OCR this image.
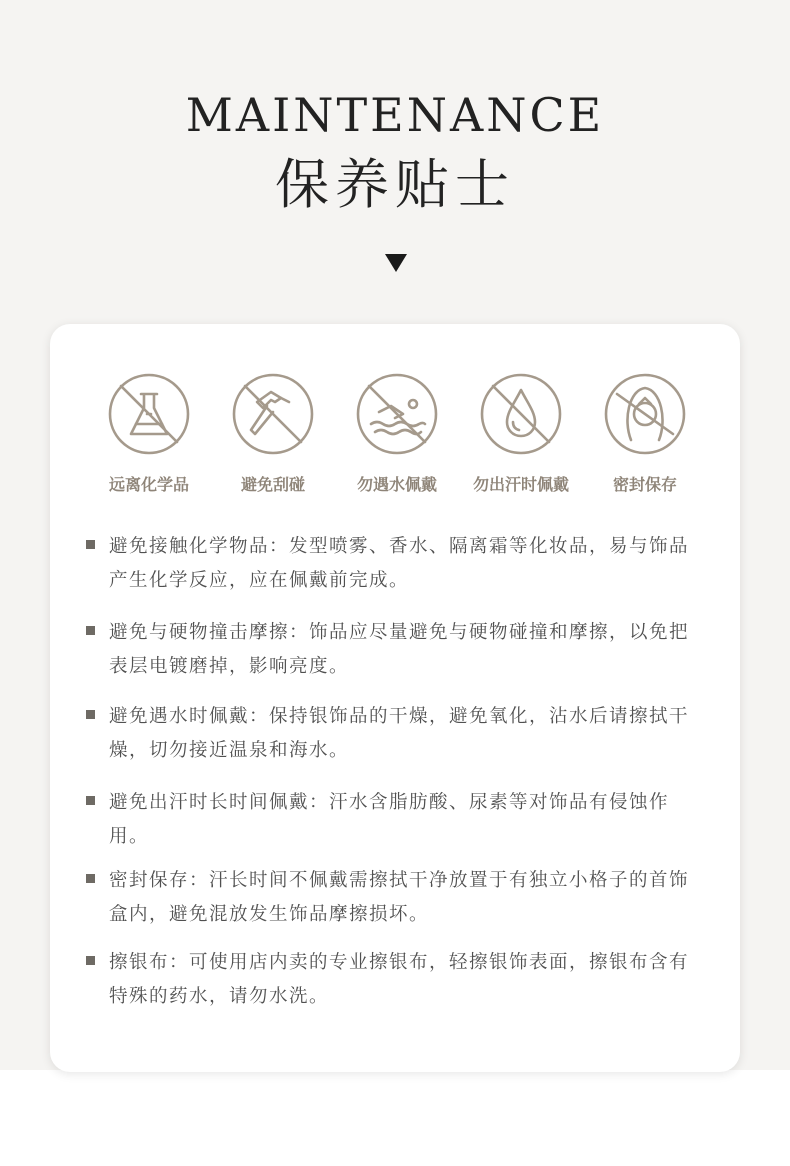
MAINTENANCE
保养贴士
远离化学品	避免刮碰	勿遇水佩戴	勿出汗时佩戴	密封保存
避免接触化学物品：发型喷雾、香水、隔离霜等化妆品，易与饰品产生化学反应，应在佩戴前完成。
避免与硬物撞击摩擦：饰品应尽量避免与硬物碰撞和摩擦，以免把表层电镀磨掉，影响亮度。
避免遇水时佩戴：保持银饰品的干燥，避免氧化，沾水后请擦拭干燥，切勿接近温泉和海水。
避免出汗时长时间佩戴：汗水含脂肪酸、尿素等对饰品有侵蚀作用。
密封保存：汗长时间不佩戴需擦拭干净放置于有独立小格子的首饰盒内，避免混放发生饰品摩擦损坏。
擦银布：可使用店内卖的专业擦银布，轻擦银饰表面，擦银布含有特殊的药水，请勿水洗。
